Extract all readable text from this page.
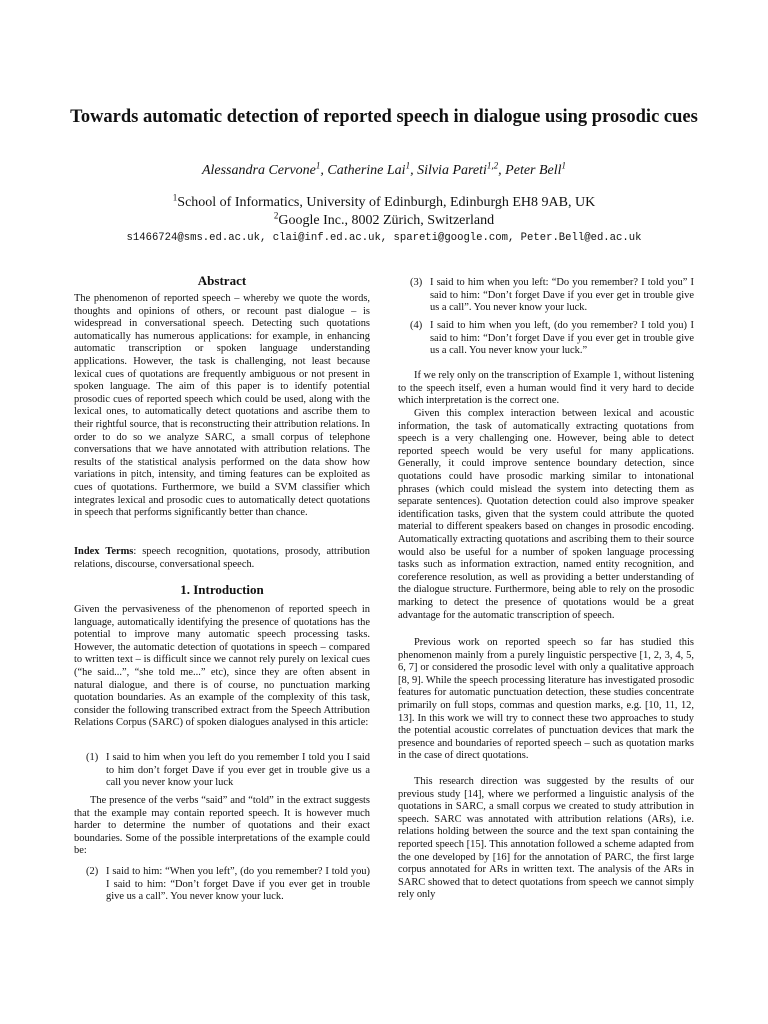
Towards automatic detection of reported speech in dialogue using prosodic cues
Alessandra Cervone$^1$, Catherine Lai$^1$, Silvia Pareti$^{1,2}$, Peter Bell$^1$
$^1$School of Informatics, University of Edinburgh, Edinburgh EH8 9AB, UK
$^2$Google Inc., 8002 Zürich, Switzerland
s1466724@sms.ed.ac.uk, clai@inf.ed.ac.uk, spareti@google.com, Peter.Bell@ed.ac.uk
Abstract

The phenomenon of reported speech – whereby we quote the words, thoughts and opinions of others, or recount past dialogue – is widespread in conversational speech. Detecting such quotations automatically has numerous applications: for example, in enhancing automatic transcription or spoken language understanding applications. However, the task is challenging, not least because lexical cues of quotations are frequently ambiguous or not present in spoken language. The aim of this paper is to identify potential prosodic cues of reported speech which could be used, along with the lexical ones, to automatically detect quotations and ascribe them to their rightful source, that is reconstructing their attribution relations. In order to do so we analyze SARC, a small corpus of telephone conversations that we have annotated with attribution relations. The results of the statistical analysis performed on the data show how variations in pitch, intensity, and timing features can be exploited as cues of quotations. Furthermore, we build a SVM classifier which integrates lexical and prosodic cues to automatically detect quotations in speech that performs significantly better than chance.

Index Terms: speech recognition, quotations, prosody, attribution relations, discourse, conversational speech.

1. Introduction

Given the pervasiveness of the phenomenon of reported speech in language, automatically identifying the presence of quotations has the potential to improve many automatic speech processing tasks. However, the automatic detection of quotations in speech – compared to written text – is difficult since we cannot rely purely on lexical cues (“he said...”, “she told me...” etc), since they are often absent in natural dialogue, and there is of course, no punctuation marking quotation boundaries. As an example of the complexity of this task, consider the following transcribed extract from the Speech Attribution Relations Corpus (SARC) of spoken dialogues analysed in this article:

(1) I said to him when you left do you remember I told you I said to him don’t forget Dave if you ever get in trouble give us a call you never know your luck

The presence of the verbs “said” and “told” in the extract suggests that the example may contain reported speech. It is however much harder to determine the number of quotations and their exact boundaries. Some of the possible interpretations of the example could be:

(2) I said to him: “When you left”, (do you remember? I told you) I said to him: “Don’t forget Dave if you ever get in trouble give us a call”. You never know your luck.
(3) I said to him when you left: “Do you remember? I told you” I said to him: “Don’t forget Dave if you ever get in trouble give us a call”. You never know your luck.
(4) I said to him when you left, (do you remember? I told you) I said to him: “Don’t forget Dave if you ever get in trouble give us a call. You never know your luck.”

If we rely only on the transcription of Example 1, without listening to the speech itself, even a human would find it very hard to decide which interpretation is the correct one.

Given this complex interaction between lexical and acoustic information, the task of automatically extracting quotations from speech is a very challenging one. However, being able to detect reported speech would be very useful for many applications. Generally, it could improve sentence boundary detection, since quotations could have prosodic marking similar to intonational phrases (which could mislead the system into detecting them as separate sentences). Quotation detection could also improve speaker identification tasks, given that the system could attribute the quoted material to different speakers based on changes in prosodic encoding. Automatically extracting quotations and ascribing them to their source would also be useful for a number of spoken language processing tasks such as information extraction, named entity recognition, and coreference resolution, as well as providing a better understanding of the dialogue structure. Furthermore, being able to rely on the prosodic marking to detect the presence of quotations would be a great advantage for the automatic transcription of speech.

Previous work on reported speech so far has studied this phenomenon mainly from a purely linguistic perspective [1, 2, 3, 4, 5, 6, 7] or considered the prosodic level with only a qualitative approach [8, 9]. While the speech processing literature has investigated prosodic features for automatic punctuation detection, these studies concentrate primarily on full stops, commas and question marks, e.g. [10, 11, 12, 13]. In this work we will try to connect these two approaches to study the potential acoustic correlates of punctuation devices that mark the presence and boundaries of reported speech – such as quotation marks in the case of direct quotations.

This research direction was suggested by the results of our previous study [14], where we performed a linguistic analysis of the quotations in SARC, a small corpus we created to study attribution in speech. SARC was annotated with attribution relations (ARs), i.e. relations holding between the source and the text span containing the reported speech [15]. This annotation followed a scheme adapted from the one developed by [16] for the annotation of PARC, the first large corpus annotated for ARs in written text. The analysis of the ARs in SARC showed that to detect quotations from speech we cannot simply rely only
